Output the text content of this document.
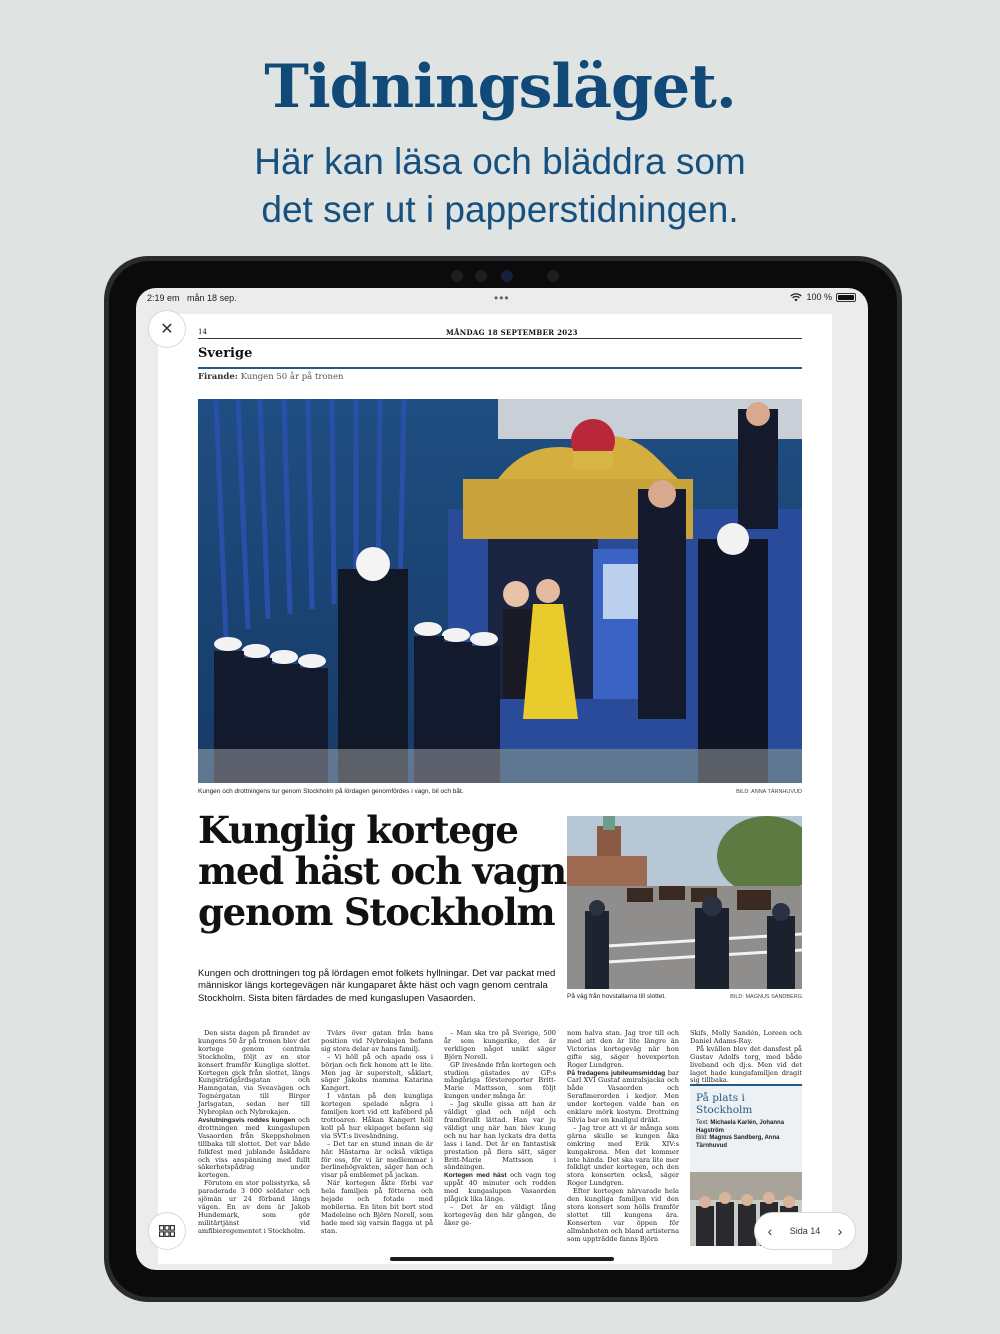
Tidningsläget.
Här kan läsa och bläddra som
det ser ut i papperstidningen.
2:19 em mån 18 sep.	•••	100 %
14	MÅNDAG 18 SEPTEMBER 2023
Sverige
Firande: Kungen 50 år på tronen
Kungen och drottningens tur genom Stockholm på lördagen genomfördes i vagn, bil och båt.	BILD: ANNA TÄRNHUVUD
Kunglig kortege
med häst och vagn
genom Stockholm
Kungen och drottningen tog på lördagen emot folkets hyllningar. Det var packat med människor längs kortegevägen när kungaparet åkte häst och vagn genom centrala Stockholm. Sista biten färdades de med kungaslupen Vasaorden.	På väg från hovstallarna till slottet.	BILD: MAGNUS SANDBERG

Den sista dagen på firandet av kungens 50 år på tronen blev det kortege genom centrala Stockholm, följt av en stor konsert framför Kungliga slottet. Kortegen gick från slottet, längs Kungsträdgårdsgatan och Hamngatan, via Sveavägen och Tegnérgatan till Birger Jarlsgatan, sedan ner till Nybroplan och Nybrokajen.

Avslutningsvis roddes kungen och drottningen med kungaslupen Vasaorden från Skeppsholmen tillbaka till slottet. Det var både folkfest med jublande åskådare och viss anspänning med fullt säkerhetspådrag under kortegen.

Förutom en stor polisstyrka, så paraderade 3 000 soldater och sjömän ur 24 förband längs vägen. En av dem är Jakob Hundemark, som gör militärtjänst vid amfibieregementet i Stockholm.

Tvärs över gatan från hans position vid Nybrokajen befann sig stora delar av hans familj.

– Vi höll på och apade oss i början och fick honom att le lite. Men jag är superstolt, såklart, säger Jakobs mamma Katarina Kangert.

I väntan på den kungliga kortegen spelade några i familjen kort vid ett kafébord på trottoaren. Håkan Kangert höll koll på hur ekipaget befann sig via SVT:s livesändning.

– Det tar en stund innan de är här. Hästarna är också viktiga för oss, för vi är medlemmar i berlinehögvakten, säger han och visar på emblemet på jackan.

När kortegen åkte förbi var hela familjen på fötterna och hejade och fotade med mobilerna. En liten bit bort stod Madeleine och Björn Norell, som hade med sig varsin flagga ut på stan.

– Man ska tro på Sverige, 500 år som kungarike, det är verkligen något unikt säger Björn Norell.

GP livesände från kortegen och studion gästades av GP:s mångåriga förstereporter Britt-Marie Mattsson, som följt kungen under många år.

– Jag skulle gissa att han är väldigt glad och nöjd och framförallt lättad. Han var ju väldigt ung när han blev kung och nu har han lyckats dra detta lass i land. Det är en fantastisk prestation på flera sätt, säger Britt-Marie Mattsson i sändningen.

Kortegen med häst och vagn tog uppåt 40 minuter och rodden med kungaslupen Vasaorden plågick lika länge.

– Det är en väldigt lång kortegeväg den här gången, de åker ge-

nom halva stan. Jag tror till och med att den är lite längre än Victorias kortegeväg när hon gifte sig, säger hovexperten Roger Lundgren.

På fredagens jubileumsmiddag bar Carl XVI Gustaf amiralsjacka och både Vasaorden och Serafimerorden i kedjor. Men under kortegen valde han en enklare mörk kostym. Drottning Silvia bar en knallgul dräkt.

– Jag tror att vi är många som gärna skulle se kungen åka omkring med Erik XIV:s kungakrona. Men det kommer inte hända. Det ska vara lite mer folkligt under kortegen, och den stora konserten också, säger Roger Lundgren.

Efter kortegen närvarade hela den kungliga familjen vid den stora konsert som hölls framför slottet till kungens ära. Konserten var öppen för allmänheten och bland artisterna som uppträdde fanns Björn

Skifs, Molly Sandén, Loreen och Daniel Adams-Ray.

På kvällen blev det dansfest på Gustav Adolfs torg, med både liveband och dj:s. Men vid det laget hade kungafamiljen dragit sig tillbaka.

På plats i Stockholm
Text: Michaela Karlén, Johanna Hagström
Bild: Magnus Sandberg, Anna Tärnhuvud
✕
‹	Sida 14	›
